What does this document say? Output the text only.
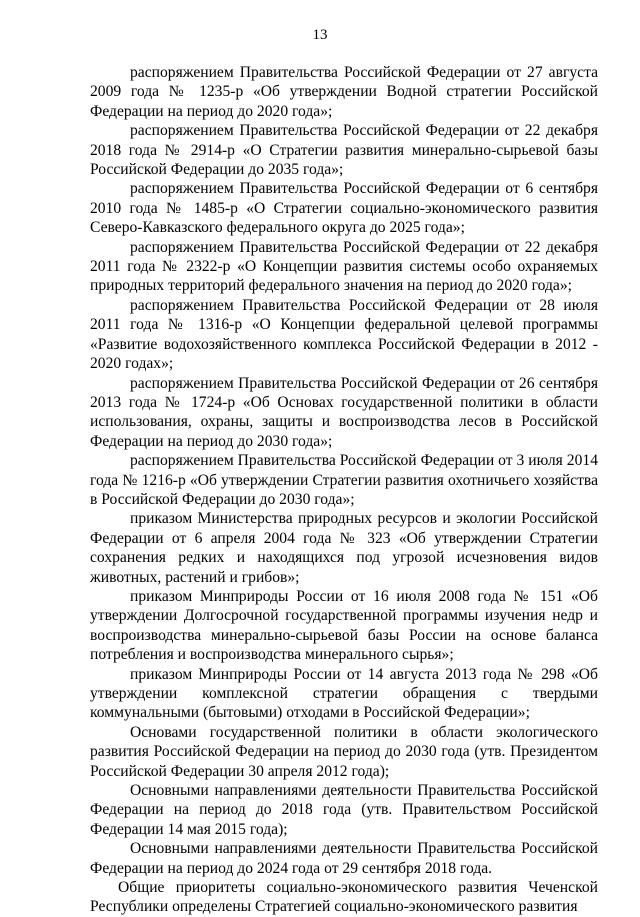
13

распоряжением Правительства Российской Федерации от 27 августа 2009 года № 1235-р «Об утверждении Водной стратегии Российской Федерации на период до 2020 года»;

распоряжением Правительства Российской Федерации от 22 декабря 2018 года № 2914-р «О Стратегии развития минерально-сырьевой базы Российской Федерации до 2035 года»;

распоряжением Правительства Российской Федерации от 6 сентября 2010 года № 1485-р «О Стратегии социально-экономического развития Северо-Кавказского федерального округа до 2025 года»;

распоряжением Правительства Российской Федерации от 22 декабря 2011 года № 2322-р «О Концепции развития системы особо охраняемых природных территорий федерального значения на период до 2020 года»;

распоряжением Правительства Российской Федерации от 28 июля 2011 года № 1316-р «О Концепции федеральной целевой программы «Развитие водохозяйственного комплекса Российской Федерации в 2012 - 2020 годах»;

распоряжением Правительства Российской Федерации от 26 сентября 2013 года № 1724-р «Об Основах государственной политики в области использования, охраны, защиты и воспроизводства лесов в Российской Федерации на период до 2030 года»;

распоряжением Правительства Российской Федерации от 3 июля 2014 года № 1216-р «Об утверждении Стратегии развития охотничьего хозяйства в Российской Федерации до 2030 года»;

приказом Министерства природных ресурсов и экологии Российской Федерации от 6 апреля 2004 года № 323 «Об утверждении Стратегии сохранения редких и находящихся под угрозой исчезновения видов животных, растений и грибов»;

приказом Минприроды России от 16 июля 2008 года № 151 «Об утверждении Долгосрочной государственной программы изучения недр и воспроизводства минерально-сырьевой базы России на основе баланса потребления и воспроизводства минерального сырья»;

приказом Минприроды России от 14 августа 2013 года № 298 «Об утверждении комплексной стратегии обращения с твердыми коммунальными (бытовыми) отходами в Российской Федерации»;

Основами государственной политики в области экологического развития Российской Федерации на период до 2030 года (утв. Президентом Российской Федерации 30 апреля 2012 года);

Основными направлениями деятельности Правительства Российской Федерации на период до 2018 года (утв. Правительством Российской Федерации 14 мая 2015 года);

Основными направлениями деятельности Правительства Российской Федерации на период до 2024 года от 29 сентября 2018 года.

Общие приоритеты социально-экономического развития Чеченской Республики определены Стратегией социально-экономического развития
